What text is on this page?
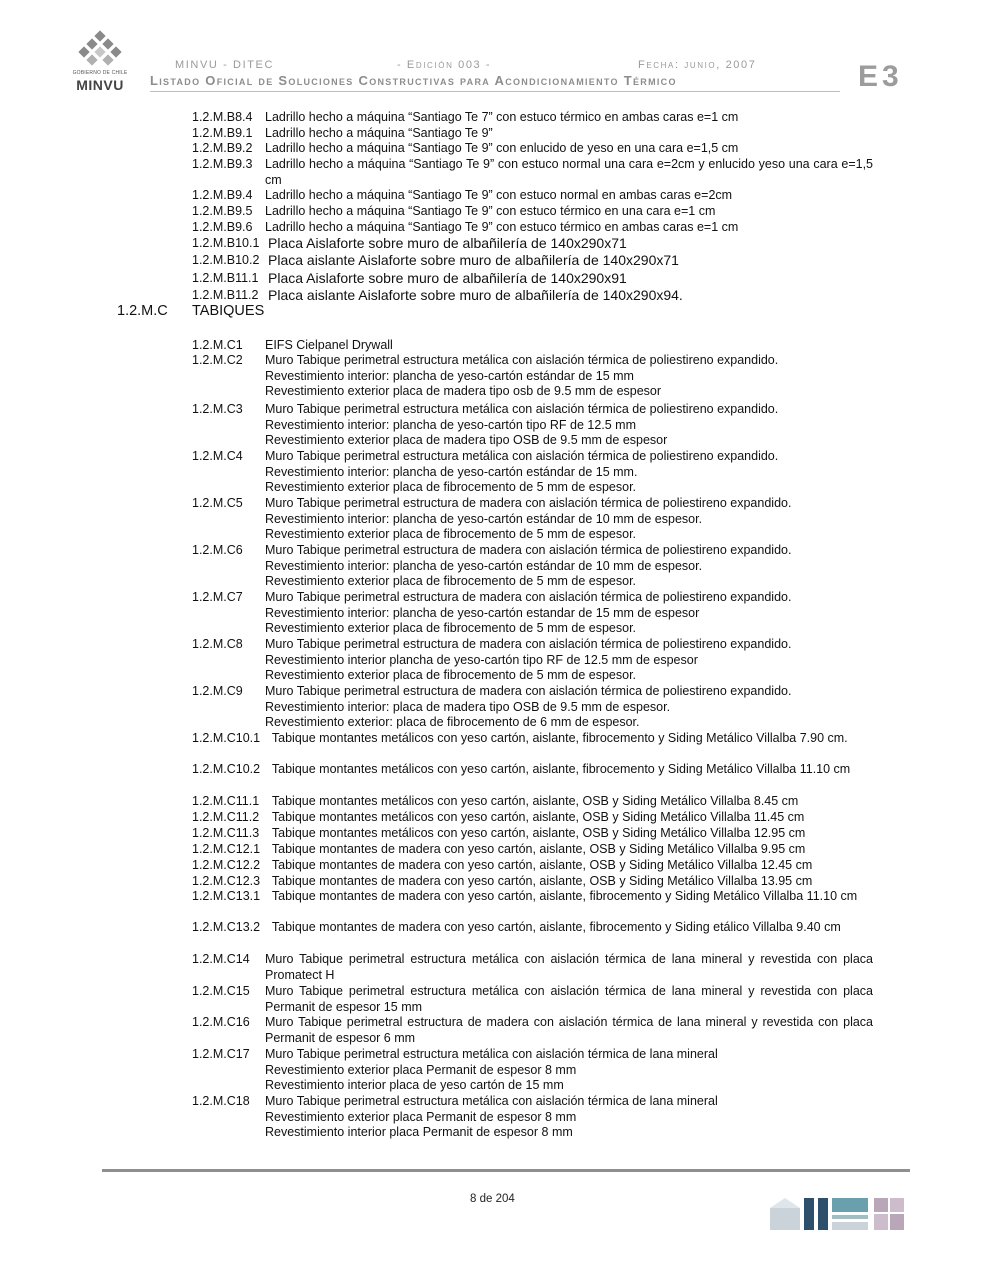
GOBIERNO DE CHILE
MINVU
MINVU - DITEC	- Edición 003 -	Fecha: junio, 2007
Listado Oficial de Soluciones Constructivas para Acondicionamiento Térmico	E3
1.2.M.B8.4 Ladrillo hecho a máquina “Santiago Te 7” con estuco térmico en ambas caras e=1 cm
1.2.M.B9.1 Ladrillo hecho a máquina “Santiago Te 9”
1.2.M.B9.2 Ladrillo hecho a máquina “Santiago Te 9” con enlucido de yeso en una cara e=1,5 cm
1.2.M.B9.3 Ladrillo hecho a máquina “Santiago Te 9” con estuco normal una cara e=2cm y enlucido yeso una cara e=1,5 cm
1.2.M.B9.4 Ladrillo hecho a máquina “Santiago Te 9” con estuco normal en ambas caras e=2cm
1.2.M.B9.5 Ladrillo hecho a máquina “Santiago Te 9” con estuco térmico en una cara e=1 cm
1.2.M.B9.6 Ladrillo hecho a máquina “Santiago Te 9” con estuco térmico en ambas caras e=1 cm
1.2.M.B10.1 Placa Aislaforte sobre muro de albañilería de 140x290x71
1.2.M.B10.2 Placa aislante Aislaforte sobre muro de albañilería de 140x290x71
1.2.M.B11.1 Placa Aislaforte sobre muro de albañilería de 140x290x91
1.2.M.B11.2 Placa aislante Aislaforte sobre muro de albañilería de 140x290x94.
1.2.M.C TABIQUES
1.2.M.C1 EIFS Cielpanel Drywall
1.2.M.C2 Muro Tabique perimetral estructura metálica con aislación térmica de poliestireno expandido.
Revestimiento interior: plancha de yeso-cartón estándar de 15 mm
Revestimiento exterior placa de madera tipo osb de 9.5 mm de espesor
1.2.M.C3 Muro Tabique perimetral estructura metálica con aislación térmica de poliestireno expandido.
Revestimiento interior: plancha de yeso-cartón tipo RF de 12.5 mm
Revestimiento exterior placa de madera tipo OSB de 9.5 mm de espesor
1.2.M.C4 Muro Tabique perimetral estructura metálica con aislación térmica de poliestireno expandido.
Revestimiento interior: plancha de yeso-cartón estándar de 15 mm.
Revestimiento exterior placa de fibrocemento de 5 mm de espesor.
1.2.M.C5 Muro Tabique perimetral estructura de madera con aislación térmica de poliestireno expandido.
Revestimiento interior: plancha de yeso-cartón estándar de 10 mm de espesor.
Revestimiento exterior placa de fibrocemento de 5 mm de espesor.
1.2.M.C6 Muro Tabique perimetral estructura de madera con aislación térmica de poliestireno expandido.
Revestimiento interior: plancha de yeso-cartón estándar de 10 mm de espesor.
Revestimiento exterior placa de fibrocemento de 5 mm de espesor.
1.2.M.C7 Muro Tabique perimetral estructura de madera con aislación térmica de poliestireno expandido.
Revestimiento interior: plancha de yeso-cartón estandar de 15 mm de espesor
Revestimiento exterior placa de fibrocemento de 5 mm de espesor.
1.2.M.C8 Muro Tabique perimetral estructura de madera con aislación térmica de poliestireno expandido.
Revestimiento interior plancha de yeso-cartón tipo RF de 12.5 mm de espesor
Revestimiento exterior placa de fibrocemento de 5 mm de espesor.
1.2.M.C9 Muro Tabique perimetral estructura de madera con aislación térmica de poliestireno expandido.
Revestimiento interior: placa de madera tipo OSB de 9.5 mm de espesor.
Revestimiento exterior: placa de fibrocemento de 6 mm de espesor.
1.2.M.C10.1 Tabique montantes metálicos con yeso cartón, aislante, fibrocemento y Siding Metálico Villalba 7.90 cm.
1.2.M.C10.2 Tabique montantes metálicos con yeso cartón, aislante, fibrocemento y Siding Metálico Villalba 11.10 cm
1.2.M.C11.1	Tabique montantes metálicos con yeso cartón, aislante, OSB y Siding Metálico Villalba 8.45 cm
1.2.M.C11.2	Tabique montantes metálicos con yeso cartón, aislante, OSB y Siding Metálico Villalba 11.45 cm
1.2.M.C11.3	Tabique montantes metálicos con yeso cartón, aislante, OSB y Siding Metálico Villalba 12.95 cm
1.2.M.C12.1 Tabique montantes de madera con yeso cartón, aislante, OSB y Siding Metálico Villalba 9.95 cm
1.2.M.C12.2 Tabique montantes de madera con yeso cartón, aislante, OSB y Siding Metálico Villalba 12.45 cm
1.2.M.C12.3 Tabique montantes de madera con yeso cartón, aislante, OSB y Siding Metálico Villalba 13.95 cm
1.2.M.C13.1 Tabique montantes de madera con yeso cartón, aislante, fibrocemento y Siding Metálico Villalba 11.10 cm
1.2.M.C13.2 Tabique montantes de madera con yeso cartón, aislante, fibrocemento y Siding etálico Villalba 9.40 cm
1.2.M.C14 Muro Tabique perimetral estructura metálica con aislación térmica de lana mineral y revestida con placa Promatect H
1.2.M.C15 Muro Tabique perimetral estructura metálica con aislación térmica de lana mineral y revestida con placa Permanit de espesor 15 mm
1.2.M.C16 Muro Tabique perimetral estructura de madera con aislación térmica de lana mineral y revestida con placa Permanit de espesor 6 mm
1.2.M.C17 Muro Tabique perimetral estructura metálica con aislación térmica de lana mineral
Revestimiento exterior placa Permanit de espesor 8 mm
Revestimiento interior placa de yeso cartón de 15 mm
1.2.M.C18 Muro Tabique perimetral estructura metálica con aislación térmica de lana mineral
Revestimiento exterior placa Permanit de espesor 8 mm
Revestimiento interior placa Permanit de espesor 8 mm
8 de 204
